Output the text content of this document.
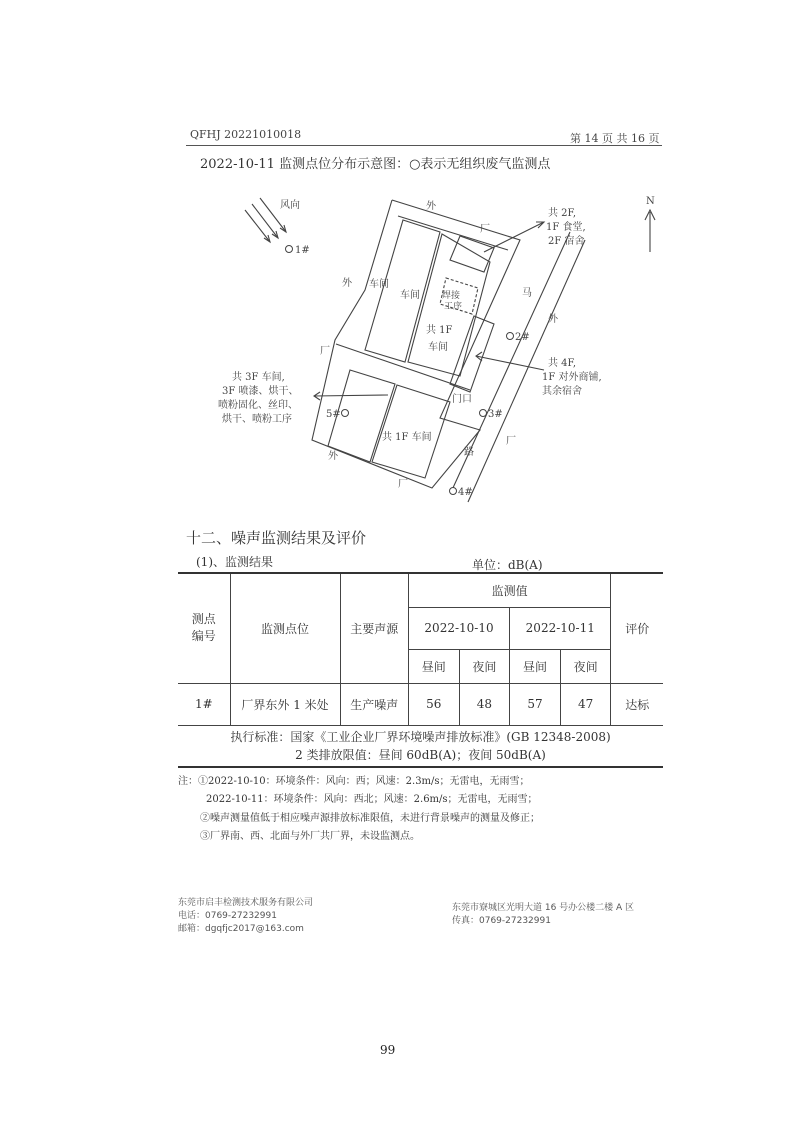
QFHJ 20221010018	第 14 页 共 16 页
2022-10-11 监测点位分布示意图：○表示无组织废气监测点
N
风向	外
外 车间
车间 焊接
工序
共 1F
车间
厂
厂
马
外
门口
共 1F 车间
外
厂
路
厂
1#
2#
3#
4#
5#
共 2F,
1F 食堂,
2F 宿舍
共 4F,
1F 对外商铺,
其余宿舍
共 3F 车间,
3F 喷漆、烘干、
喷粉固化、丝印、
烘干、喷粉工序
十二、噪声监测结果及评价
(1)、监测结果	单位：dB(A)
测点
编号	监测点位	主要声源	监测值				评价
			2022-10-10		2022-10-11		
			昼间	夜间	昼间	夜间	
1#	厂界东外 1 米处	生产噪声	56	48	57	47	达标

执行标准：国家《工业企业厂界环境噪声排放标准》(GB 12348-2008)
2 类排放限值：昼间 60dB(A)；夜间 50dB(A)							
注：①2022-10-10：环境条件：风向：西；风速：2.3m/s；无雷电，无雨雪；
2022-10-11：环境条件：风向：西北；风速：2.6m/s；无雷电，无雨雪；
②噪声测量值低于相应噪声源排放标准限值，未进行背景噪声的测量及修正；
③厂界南、西、北面与外厂共厂界，未设监测点。
东莞市启丰检测技术服务有限公司
电话：0769-27232991
邮箱：dgqfjc2017@163.com
东莞市寮城区光明大道 16 号办公楼二楼 A 区
传真：0769-27232991
99
